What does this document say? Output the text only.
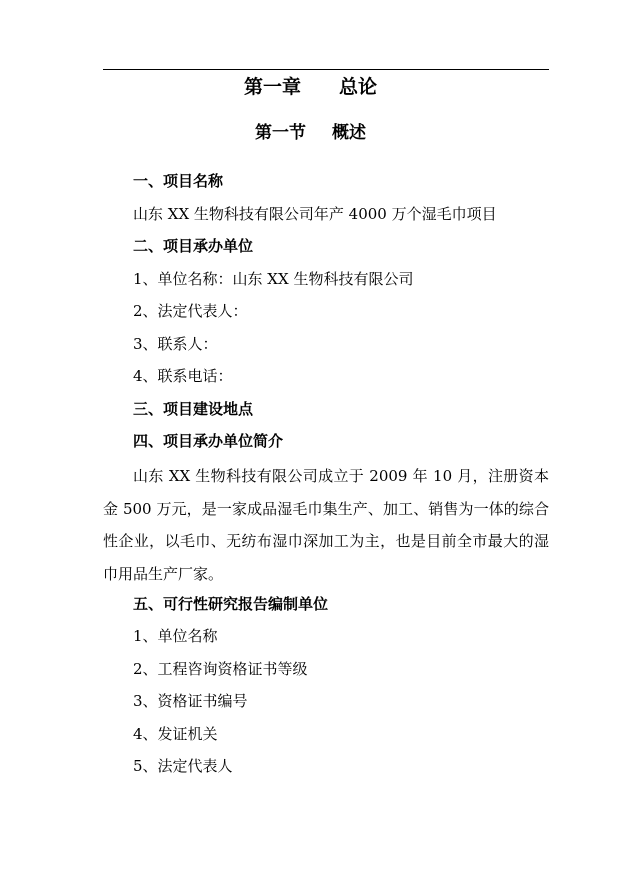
第一章 总论
第一节 概述
一、项目名称
山东 XX 生物科技有限公司年产 4000 万个湿毛巾项目
二、项目承办单位
1、单位名称：山东 XX 生物科技有限公司
2、法定代表人：
3、联系人：
4、联系电话：
三、项目建设地点
四、项目承办单位简介
山东 XX 生物科技有限公司成立于 2009 年 10 月，注册资本金 500 万元，是一家成品湿毛巾集生产、加工、销售为一体的综合性企业，以毛巾、无纺布湿巾深加工为主，也是目前全市最大的湿巾用品生产厂家。
五、可行性研究报告编制单位
1、单位名称
2、工程咨询资格证书等级
3、资格证书编号
4、发证机关
5、法定代表人
